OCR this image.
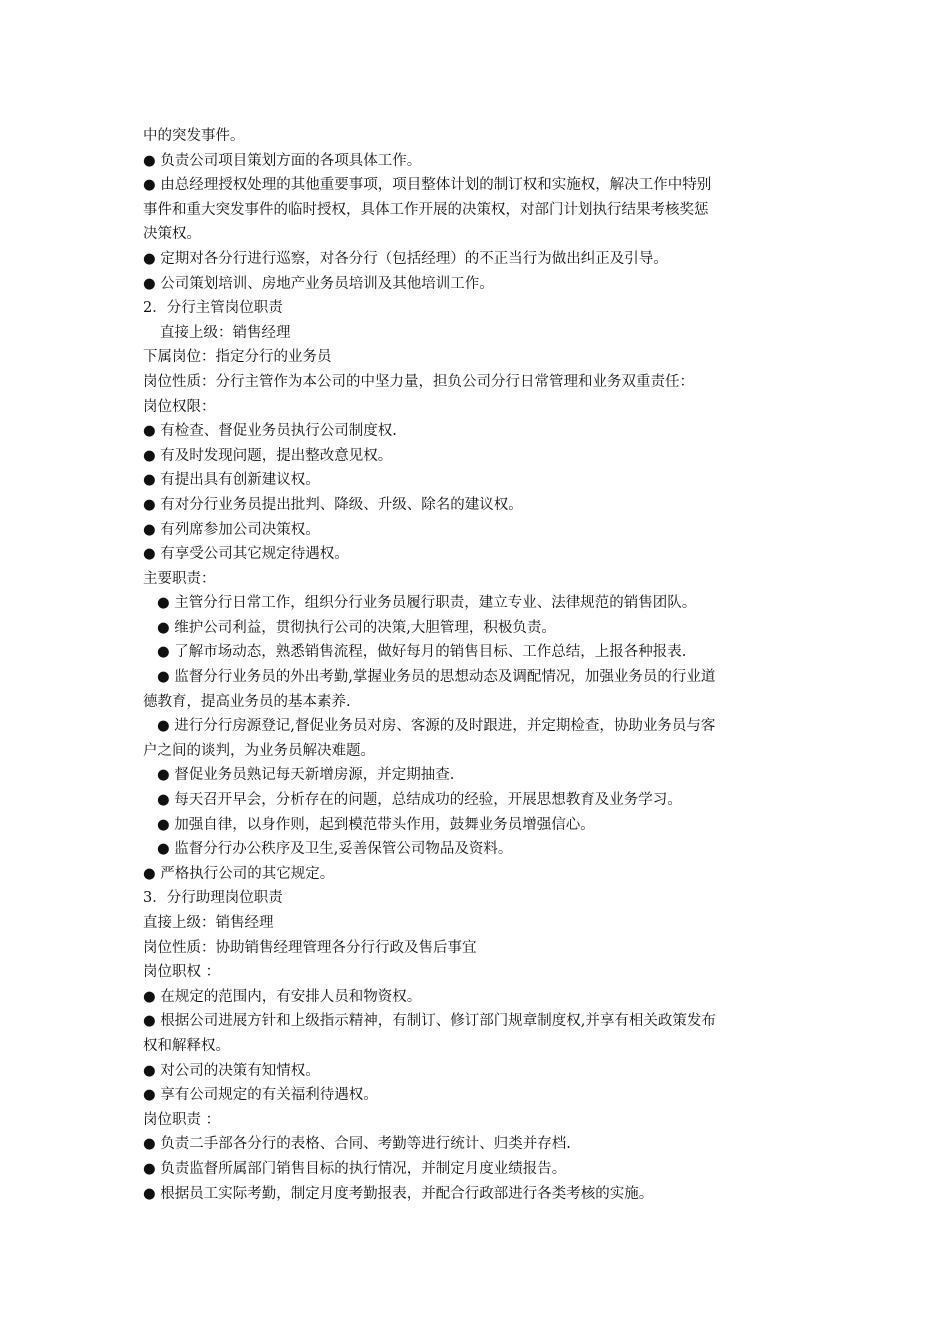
中的突发事件。
● 负责公司项目策划方面的各项具体工作。
● 由总经理授权处理的其他重要事项，项目整体计划的制订权和实施权，解决工作中特别
事件和重大突发事件的临时授权，具体工作开展的决策权，对部门计划执行结果考核奖惩
决策权。
● 定期对各分行进行巡察，对各分行（包括经理）的不正当行为做出纠正及引导。
● 公司策划培训、房地产业务员培训及其他培训工作。
2．分行主管岗位职责
直接上级：销售经理
下属岗位：指定分行的业务员
岗位性质：分行主管作为本公司的中坚力量，担负公司分行日常管理和业务双重责任：
岗位权限：
● 有检查、督促业务员执行公司制度权.
● 有及时发现问题，提出整改意见权。
● 有提出具有创新建议权。
● 有对分行业务员提出批判、降级、升级、除名的建议权。
● 有列席参加公司决策权。
● 有享受公司其它规定待遇权。
主要职责：
● 主管分行日常工作，组织分行业务员履行职责，建立专业、法律规范的销售团队。
● 维护公司利益，贯彻执行公司的决策,大胆管理，积极负责。
● 了解市场动态，熟悉销售流程，做好每月的销售目标、工作总结，上报各种报表.
● 监督分行业务员的外出考勤,掌握业务员的思想动态及调配情况，加强业务员的行业道
德教育，提高业务员的基本素养.
● 进行分行房源登记,督促业务员对房、客源的及时跟进，并定期检查，协助业务员与客
户之间的谈判，为业务员解决难题。
● 督促业务员熟记每天新增房源，并定期抽查.
● 每天召开早会，分析存在的问题，总结成功的经验，开展思想教育及业务学习。
● 加强自律，以身作则，起到模范带头作用，鼓舞业务员增强信心。
● 监督分行办公秩序及卫生,妥善保管公司物品及资料。
● 严格执行公司的其它规定。
3．分行助理岗位职责
直接上级：销售经理
岗位性质：协助销售经理管理各分行行政及售后事宜
岗位职权 ：
● 在规定的范围内，有安排人员和物资权。
● 根据公司进展方针和上级指示精神，有制订、修订部门规章制度权,并享有相关政策发布
权和解释权。
● 对公司的决策有知情权。
● 享有公司规定的有关福利待遇权。
岗位职责 ：
● 负责二手部各分行的表格、合同、考勤等进行统计、归类并存档.
● 负责监督所属部门销售目标的执行情况，并制定月度业绩报告。
● 根据员工实际考勤，制定月度考勤报表，并配合行政部进行各类考核的实施。
